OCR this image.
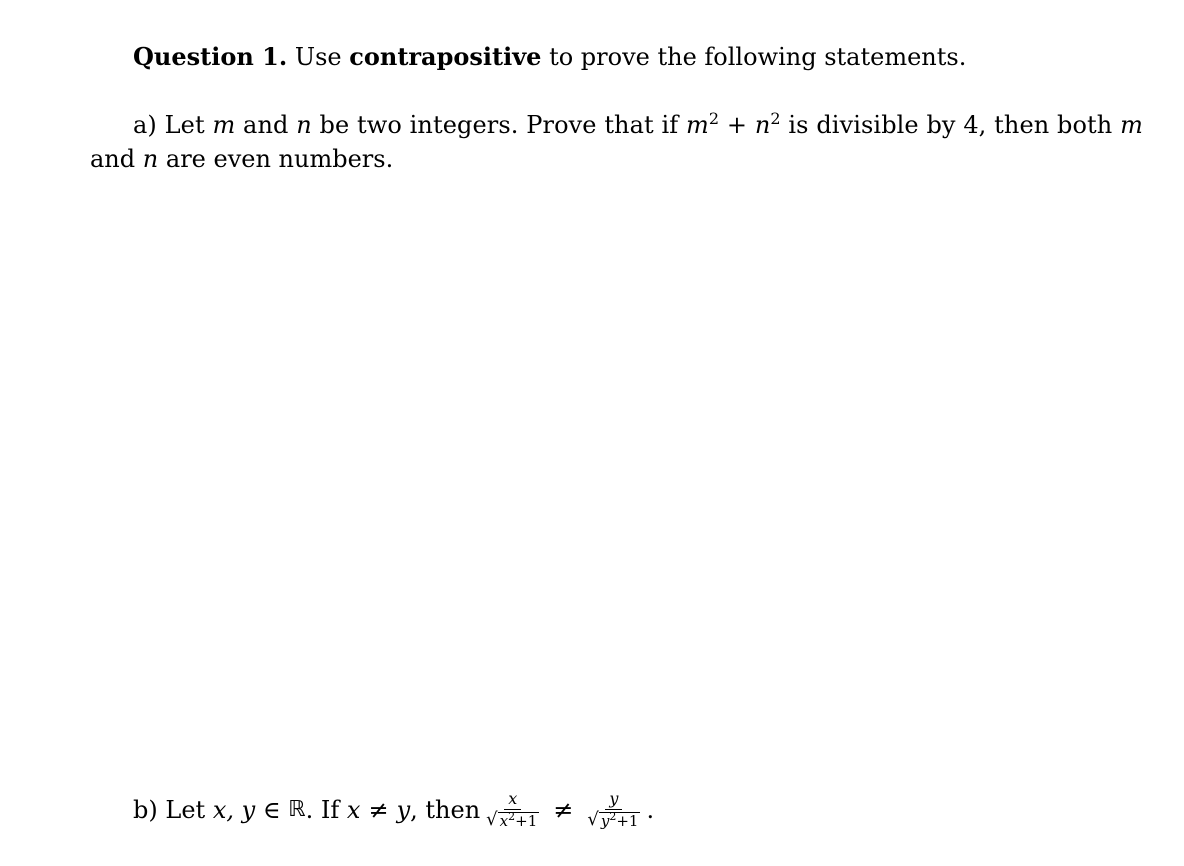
Question 1. Use contrapositive to prove the following statements.
a) Let m and n be two integers. Prove that if $m^2 + n^2$ is divisible by 4, then both m
and n are even numbers.
b)
Let
x, y
∈
ℝ . If
x ≠ y , then $\frac{x}{√ x^2+1} \ne \frac{y}{√ y^2+1}$ .
